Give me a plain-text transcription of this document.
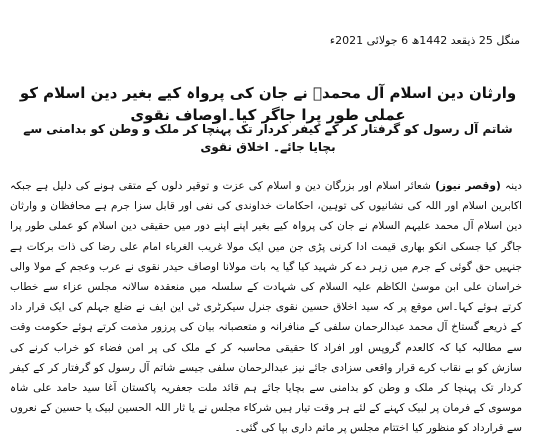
منگل 25 ذیقعد 1442ھ 6 جولائی 2021ء
وارثان دین اسلام آل محمدؑ نے جان کی پرواہ کیے بغیر دین اسلام کو عملی طور پرا جاگر کیا۔اوصاف نقوی
شاتم آل رسول کو گرفتار کر کے کیفر کردار تک پہنچا کر ملک و وطن کو بدامنی سے بچایا جائے۔ اخلاق نقوی
دینہ (وقصر نیوز) شعائر اسلام اور بزرگان دین و اسلام کی عزت و توقیر دلوں کے متقی ہونے کی دلیل ہے جبکہ اکابرین اسلام اور اللہ کی نشانیوں کی توہین، احکامات خداوندی کی نفی اور قابل سزا جرم ہے محافظان و وارثان دین اسلام آل محمد علیہم السلام نے جان کی پرواہ کیے بغیر اپنے اپنے دور میں حقیقی دین اسلام کو عملی طور پرا جاگر کیا جسکی انکو بھاری قیمت ادا کرنی پڑی جن میں ایک مولا غریب الغرباء امام علی رضا کی ذات برکات ہے جنہیں حق گوئی کے جرم میں زہر دے کر شہید کیا گیا یہ بات مولانا اوصاف حیدر نقوی نے عرب وعجم کے مولا والی خراسان علی ابن موسیٰ الکاظم علیہ السلام کی شہادت کے سلسلہ میں منعقدہ سالانہ مجلس عزاء سے خطاب کرتے ہوئے کہا۔اس موقع پر کہ سید اخلاق حسین نقوی جنرل سیکرٹری ٹی این ایف نے ضلع جہلم کی ایک قرار داد کے ذریعے گستاخ آل محمد عبدالرحمان سلفی کے منافرانہ و متعصبانہ بیان کی پرزور مذمت کرتے ہوئے حکومت وقت سے مطالبہ کیا کہ کالعدم گروپس اور افراد کا حقیقی محاسبہ کر کے ملک کی پر امن فضاء کو خراب کرنے کی سازش کو بے نقاب کرے قرار واقعی سزادی جائے نیز عبدالرحمان سلفی جیسے شاتم آل رسول کو گرفتار کر کے کیفر کردار تک پہنچا کر ملک و وطن کو بدامنی سے بچایا جائے ہم قائد ملت جعفریہ پاکستان آغا سید حامد علی شاہ موسوی کے فرمان پر لبیک کہنے کے لئے ہر وقت تیار ہیں شرکاء مجلس نے یا ثار اللہ الحسین لبیک یا حسین کے نعروں سے قرارداد کو منظور کیا اختتام مجلس پر ماتم داری بپا کی گئی۔
